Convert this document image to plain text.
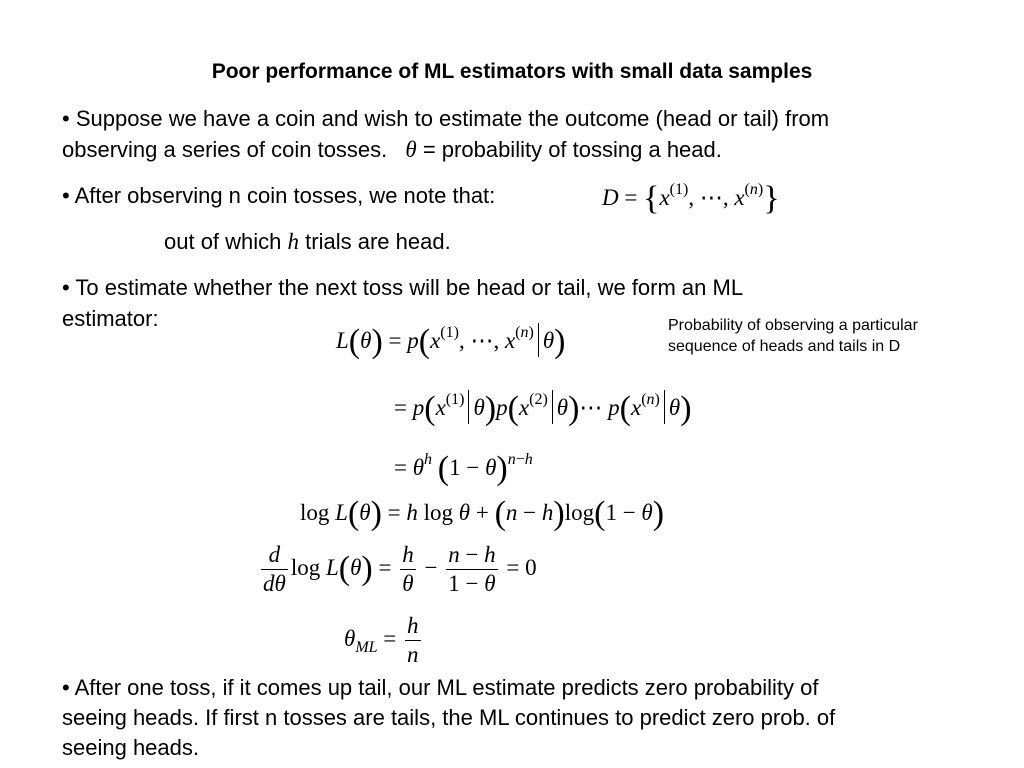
Poor performance of ML estimators with small data samples
• Suppose we have a coin and wish to estimate the outcome (head or tail) from
observing a series of coin tosses. θ = probability of tossing a head.
• After observing n coin tosses, we note that:	$D = \{x^{(1)}$, ⋯, $x^{(n)}$}
out of which h trials are head.
• To estimate whether the next toss will be head or tail, we form an ML
estimator:	Probability of observing a particular
sequence of heads and tails in D
$L(\theta) = p(x^{(1)}$, ⋯, $x^{(n)}$ θ)
= $p(x^{(1)}$ $\theta)p(x^{(2)}$ θ)⋯ $p(x^{(n)}$ θ)
= $\theta^h$ $(1 - \theta)^{n-h}$
log L(θ) = h log θ + (n − h)log(1 − θ)
$\frac{d}{d\theta}$ $\log L(\theta) = \frac{h}{\theta} - \frac{n - h}{1 - \theta} = 0$
$\theta_{ML} = \frac{h}{n}$
• After one toss, if it comes up tail, our ML estimate predicts zero probability of
seeing heads. If first n tosses are tails, the ML continues to predict zero prob. of
seeing heads.
